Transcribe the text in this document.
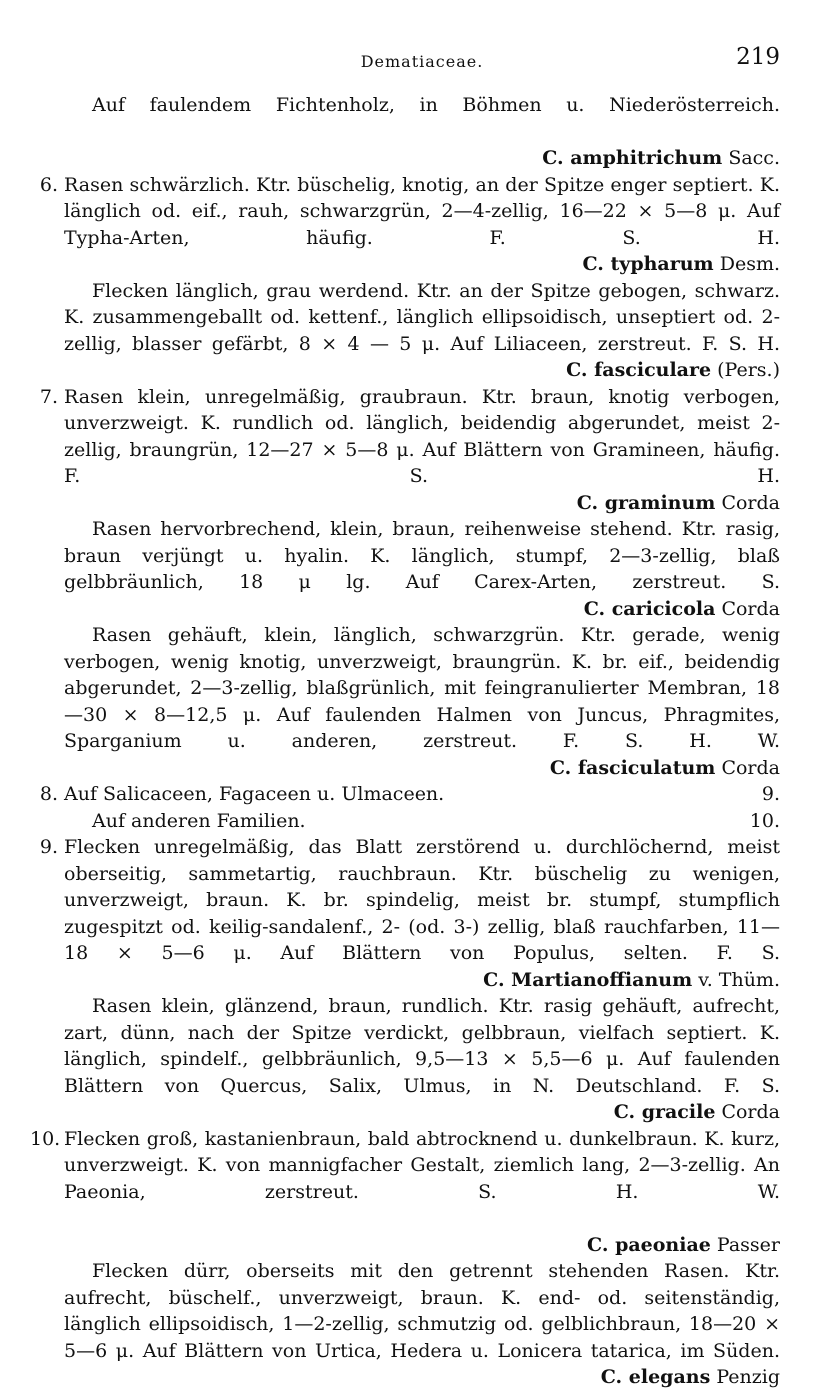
Dematiaceae.	219
Auf faulendem Fichtenholz, in Böhmen u. Niederösterreich.
C. amphitrichum Sacc.
6. Rasen schwärzlich. Ktr. büschelig, knotig, an der Spitze enger septiert. K. länglich od. eif., rauh, schwarzgrün, 2—4-zellig, 16—22 × 5—8 μ. Auf Typha-Arten, häufig. F. S. H.
C. typharum Desm.
Flecken länglich, grau werdend. Ktr. an der Spitze gebogen, schwarz. K. zusammengeballt od. kettenf., länglich ellipsoidisch, unseptiert od. 2-zellig, blasser gefärbt, 8 × 4 — 5 μ. Auf Liliaceen, zerstreut. F. S. H.
C. fasciculare (Pers.)
7. Rasen klein, unregelmäßig, graubraun. Ktr. braun, knotig verbogen, unverzweigt. K. rundlich od. länglich, beidendig abgerundet, meist 2-zellig, braungrün, 12—27 × 5—8 μ. Auf Blättern von Gramineen, häufig. F. S. H.
C. graminum Corda
Rasen hervorbrechend, klein, braun, reihenweise stehend. Ktr. rasig, braun verjüngt u. hyalin. K. länglich, stumpf, 2—3-zellig, blaß gelbbräunlich, 18 μ lg. Auf Carex-Arten, zerstreut. S.
C. caricicola Corda
Rasen gehäuft, klein, länglich, schwarzgrün. Ktr. gerade, wenig verbogen, wenig knotig, unverzweigt, braungrün. K. br. eif., beidendig abgerundet, 2—3-zellig, blaßgrünlich, mit feingranulierter Membran, 18—30 × 8—12,5 μ. Auf faulenden Halmen von Juncus, Phragmites, Sparganium u. anderen, zerstreut. F. S. H. W.
C. fasciculatum Corda
8. Auf Salicaceen, Fagaceen u. Ulmaceen.	9.
Auf anderen Familien.	10.
9. Flecken unregelmäßig, das Blatt zerstörend u. durchlöchernd, meist oberseitig, sammetartig, rauchbraun. Ktr. büschelig zu wenigen, unverzweigt, braun. K. br. spindelig, meist br. stumpf, stumpflich zugespitzt od. keilig-sandalenf., 2- (od. 3-) zellig, blaß rauchfarben, 11—18 × 5—6 μ. Auf Blättern von Populus, selten. F. S.
C. Martianoffianum v. Thüm.
Rasen klein, glänzend, braun, rundlich. Ktr. rasig gehäuft, aufrecht, zart, dünn, nach der Spitze verdickt, gelbbraun, vielfach septiert. K. länglich, spindelf., gelbbräunlich, 9,5—13 × 5,5—6 μ. Auf faulenden Blättern von Quercus, Salix, Ulmus, in N. Deutschland. F. S.
C. gracile Corda
10. Flecken groß, kastanienbraun, bald abtrocknend u. dunkelbraun. K. kurz, unverzweigt. K. von mannigfacher Gestalt, ziemlich lang, 2—3-zellig. An Paeonia, zerstreut. S. H. W.
C. paeoniae Passer
Flecken dürr, oberseits mit den getrennt stehenden Rasen. Ktr. aufrecht, büschelf., unverzweigt, braun. K. end- od. seitenständig, länglich ellipsoidisch, 1—2-zellig, schmutzig od. gelblichbraun, 18—20 × 5—6 μ. Auf Blättern von Urtica, Hedera u. Lonicera tatarica, im Süden.
C. elegans Penzig
